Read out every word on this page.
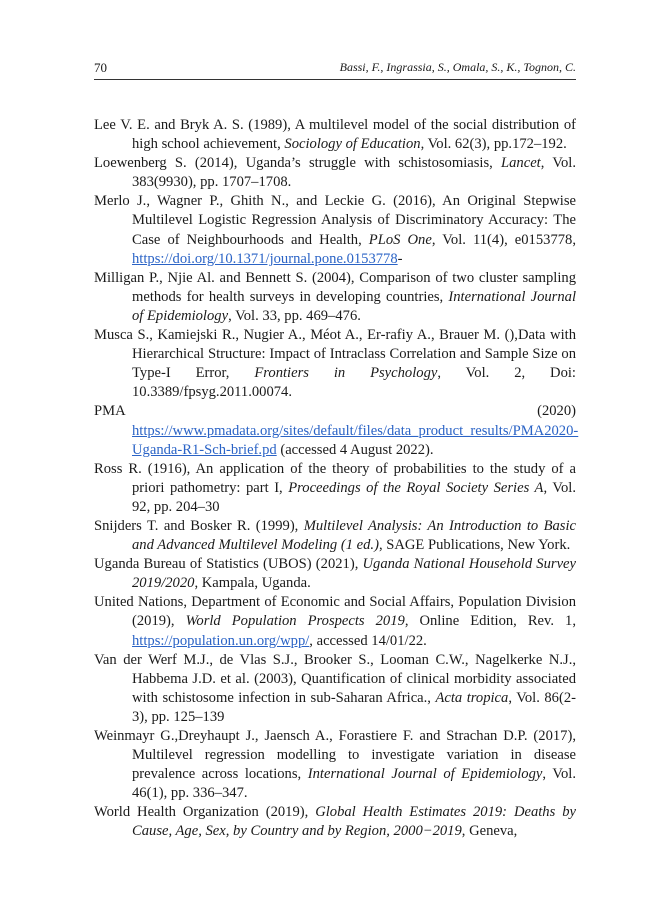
70	Bassi, F., Ingrassia, S., Omala, S., K., Tognon, C.

Lee V. E. and Bryk A. S. (1989), A multilevel model of the social distribution of high school achievement, Sociology of Education, Vol. 62(3), pp.172–192.

Loewenberg S. (2014), Uganda’s struggle with schistosomiasis, Lancet, Vol. 383(9930), pp. 1707–1708.

Merlo J., Wagner P., Ghith N., and Leckie G. (2016), An Original Stepwise Multilevel Logistic Regression Analysis of Discriminatory Accuracy: The Case of Neighbourhoods and Health, PLoS One, Vol. 11(4), e0153778, https://doi.org/10.1371/journal.pone.0153778-

Milligan P., Njie Al. and Bennett S. (2004), Comparison of two cluster sampling methods for health surveys in developing countries, International Journal of Epidemiology, Vol. 33, pp. 469–476.

Musca S., Kamiejski R., Nugier A., Méot A., Er-rafiy A., Brauer M. (),Data with Hierarchical Structure: Impact of Intraclass Correlation and Sample Size on Type-I Error, Frontiers in Psychology, Vol. 2, Doi: 10.3389/fpsyg.2011.00074.

PMA (2020) https://www.pmadata.org/sites/default/files/data_product_results/PMA2020-Uganda-R1-Sch-brief.pd (accessed 4 August 2022).

Ross R. (1916), An application of the theory of probabilities to the study of a priori pathometry: part I, Proceedings of the Royal Society Series A, Vol. 92, pp. 204–30

Snijders T. and Bosker R. (1999), Multilevel Analysis: An Introduction to Basic and Advanced Multilevel Modeling (1 ed.), SAGE Publications, New York.

Uganda Bureau of Statistics (UBOS) (2021), Uganda National Household Survey 2019/2020, Kampala, Uganda.

United Nations, Department of Economic and Social Affairs, Population Division (2019), World Population Prospects 2019, Online Edition, Rev. 1, https://population.un.org/wpp/, accessed 14/01/22.

Van der Werf M.J., de Vlas S.J., Brooker S., Looman C.W., Nagelkerke N.J., Habbema J.D. et al. (2003), Quantification of clinical morbidity associated with schistosome infection in sub-Saharan Africa., Acta tropica, Vol. 86(2-3), pp. 125–139

Weinmayr G.,Dreyhaupt J., Jaensch A., Forastiere F. and Strachan D.P. (2017), Multilevel regression modelling to investigate variation in disease prevalence across locations, International Journal of Epidemiology, Vol. 46(1), pp. 336–347.

World Health Organization (2019), Global Health Estimates 2019: Deaths by Cause, Age, Sex, by Country and by Region, 2000−2019, Geneva,
